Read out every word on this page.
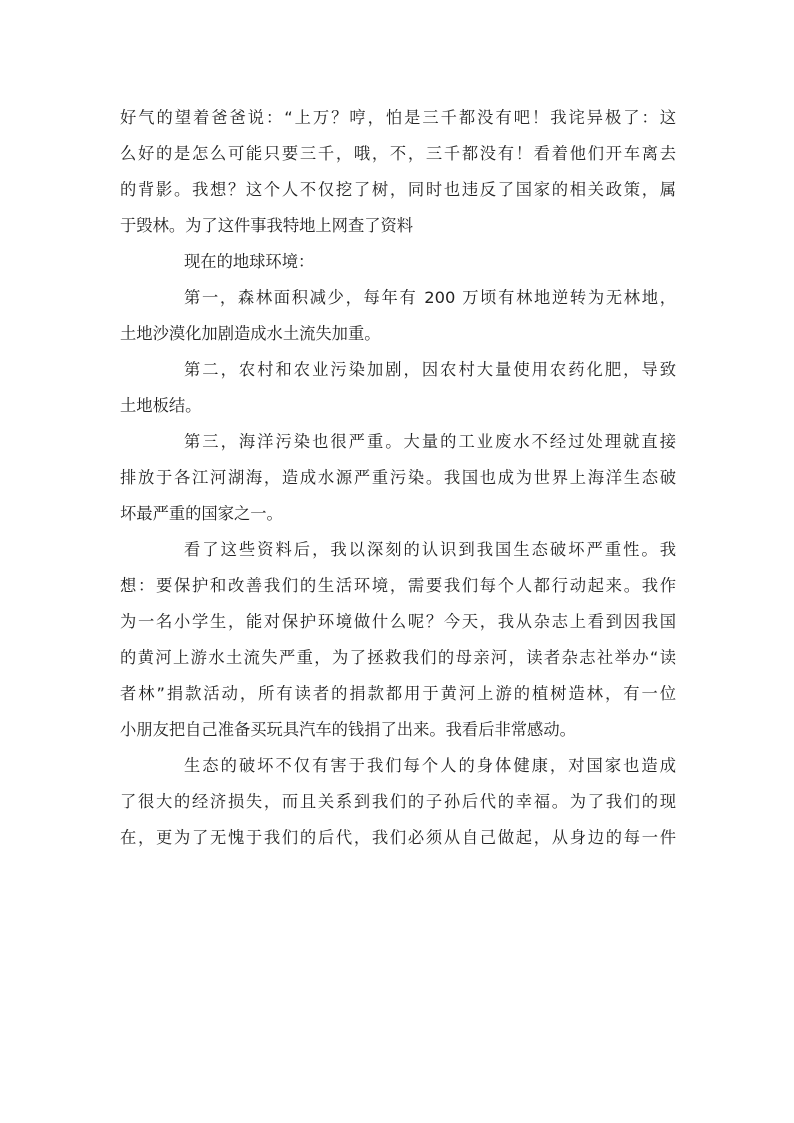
好气的望着爸爸说：“上万？哼，怕是三千都没有吧！我诧异极了：这
么好的是怎么可能只要三千，哦，不，三千都没有！看着他们开车离去
的背影。我想？这个人不仅挖了树，同时也违反了国家的相关政策，属
于毁林。为了这件事我特地上网查了资料
现在的地球环境：
第一，森林面积减少，每年有 200 万顷有林地逆转为无林地，
土地沙漠化加剧造成水土流失加重。
第二，农村和农业污染加剧，因农村大量使用农药化肥，导致
土地板结。
第三，海洋污染也很严重。大量的工业废水不经过处理就直接
排放于各江河湖海，造成水源严重污染。我国也成为世界上海洋生态破
坏最严重的国家之一。
看了这些资料后，我以深刻的认识到我国生态破坏严重性。我
想：要保护和改善我们的生活环境，需要我们每个人都行动起来。我作
为一名小学生，能对保护环境做什么呢？今天，我从杂志上看到因我国
的黄河上游水土流失严重，为了拯救我们的母亲河，读者杂志社举办“读
者林”捐款活动，所有读者的捐款都用于黄河上游的植树造林，有一位
小朋友把自己准备买玩具汽车的钱捐了出来。我看后非常感动。
生态的破坏不仅有害于我们每个人的身体健康，对国家也造成
了很大的经济损失，而且关系到我们的子孙后代的幸福。为了我们的现
在，更为了无愧于我们的后代，我们必须从自己做起，从身边的每一件
